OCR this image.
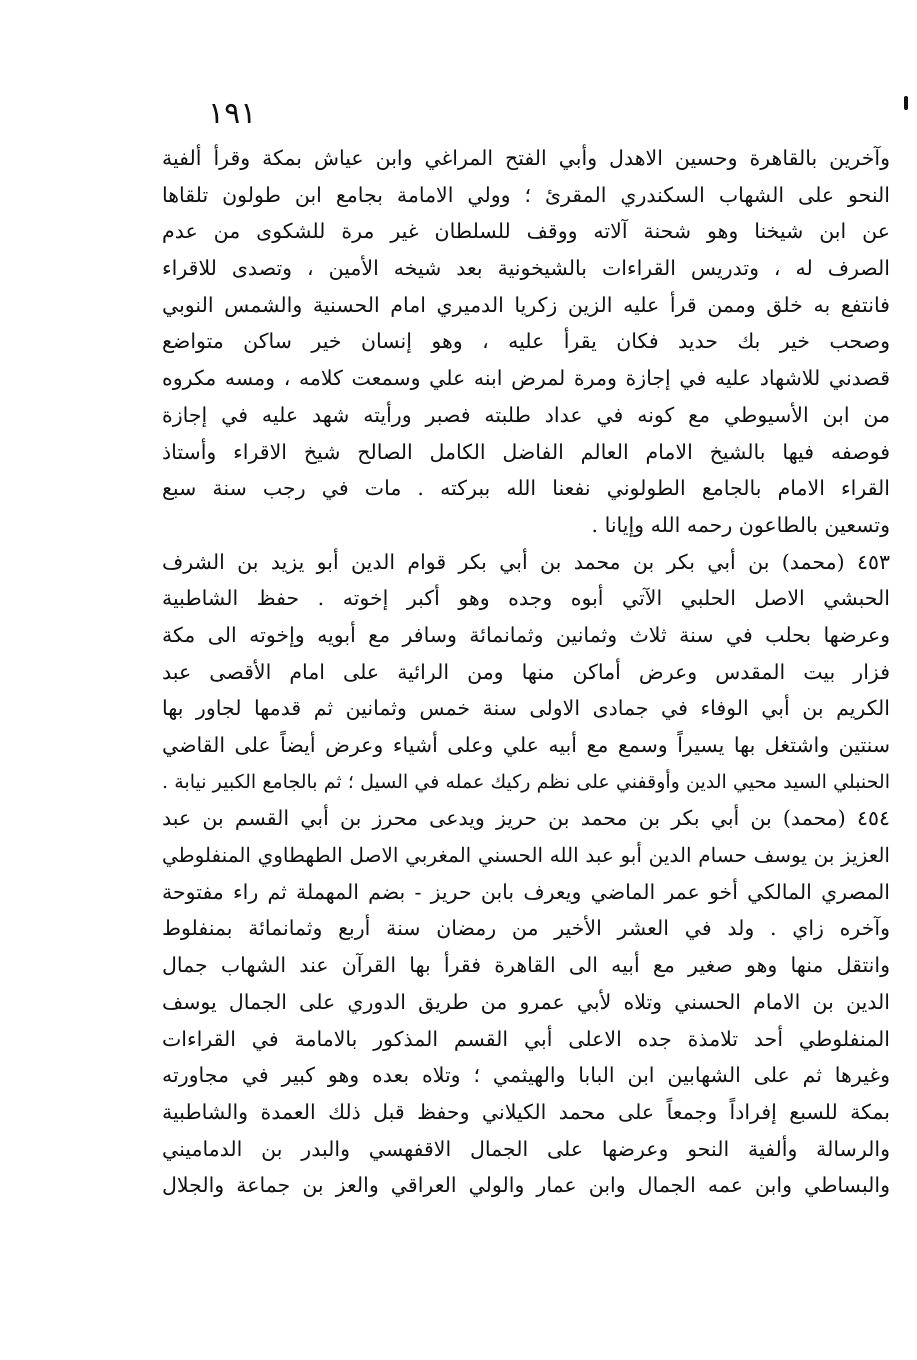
١٩١
وآخرين بالقاهرة وحسين الاهدل وأبي الفتح المراغي وابن عياش بمكة وقرأ ألفية
النحو على الشهاب السكندري المقرئ ؛ وولي الامامة بجامع ابن طولون تلقاها
عن ابن شيخنا وهو شحنة آلاته ووقف للسلطان غير مرة للشكوى من عدم
الصرف له ، وتدريس القراءات بالشيخونية بعد شيخه الأمين ، وتصدى للاقراء
فانتفع به خلق وممن قرأ عليه الزين زكريا الدميري امام الحسنية والشمس النوبي
وصحب خير بك حديد فكان يقرأ عليه ، وهو إنسان خير ساكن متواضع
قصدني للاشهاد عليه في إجازة ومرة لمرض ابنه علي وسمعت كلامه ، ومسه مكروه
من ابن الأسيوطي مع كونه في عداد طلبته فصبر ورأيته شهد عليه في إجازة
فوصفه فيها بالشيخ الامام العالم الفاضل الكامل الصالح شيخ الاقراء وأستاذ
القراء الامام بالجامع الطولوني نفعنا الله ببركته . مات في رجب سنة سبع
وتسعين بالطاعون رحمه الله وإيانا .
٤٥٣ (محمد) بن أبي بكر بن محمد بن أبي بكر قوام الدين أبو يزيد بن الشرف
الحبشي الاصل الحلبي الآتي أبوه وجده وهو أكبر إخوته . حفظ الشاطبية
وعرضها بحلب في سنة ثلاث وثمانين وثمانمائة وسافر مع أبويه وإخوته الى مكة
فزار بيت المقدس وعرض أماكن منها ومن الرائية على امام الأقصى عبد
الكريم بن أبي الوفاء في جمادى الاولى سنة خمس وثمانين ثم قدمها لجاور بها
سنتين واشتغل بها يسيراً وسمع مع أبيه علي وعلى أشياء وعرض أيضاً على القاضي
الحنبلي السيد محيي الدين وأوقفني على نظم ركيك عمله في السيل ؛ ثم بالجامع الكبير نيابة .
٤٥٤ (محمد) بن أبي بكر بن محمد بن حريز ويدعى محرز بن أبي القسم بن عبد
العزيز بن يوسف حسام الدين أبو عبد الله الحسني المغربي الاصل الطهطاوي المنفلوطي
المصري المالكي أخو عمر الماضي ويعرف بابن حريز - بضم المهملة ثم راء مفتوحة
وآخره زاي . ولد في العشر الأخير من رمضان سنة أربع وثمانمائة بمنفلوط
وانتقل منها وهو صغير مع أبيه الى القاهرة فقرأ بها القرآن عند الشهاب جمال
الدين بن الامام الحسني وتلاه لأبي عمرو من طريق الدوري على الجمال يوسف
المنفلوطي أحد تلامذة جده الاعلى أبي القسم المذكور بالامامة في القراءات
وغيرها ثم على الشهابين ابن البابا والهيثمي ؛ وتلاه بعده وهو كبير في مجاورته
بمكة للسبع إفراداً وجمعاً على محمد الكيلاني وحفظ قبل ذلك العمدة والشاطبية
والرسالة وألفية النحو وعرضها على الجمال الاقفهسي والبدر بن الدماميني
والبساطي وابن عمه الجمال وابن عمار والولي العراقي والعز بن جماعة والجلال
